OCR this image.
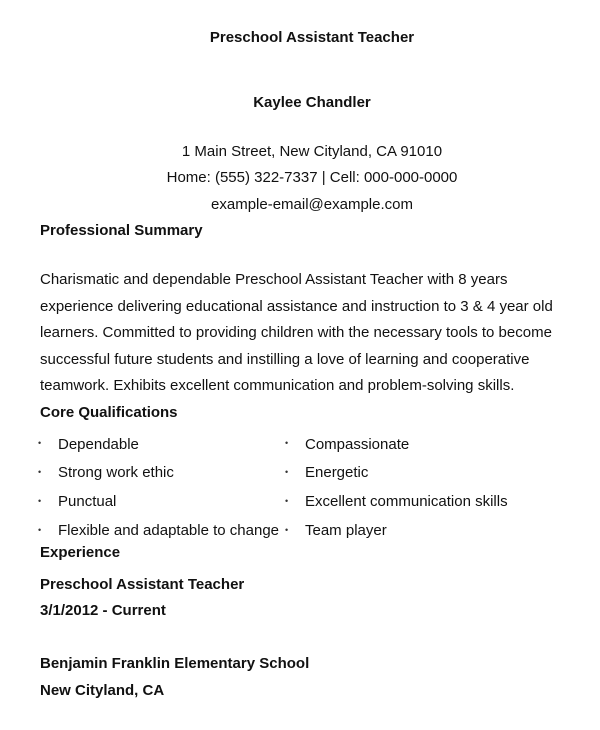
Preschool Assistant Teacher
Kaylee Chandler
1 Main Street, New Cityland, CA 91010
Home: (555) 322-7337 | Cell: 000-000-0000
example-email@example.com
Professional Summary
Charismatic and dependable Preschool Assistant Teacher with 8 years
experience delivering educational assistance and instruction to 3 & 4 year old
learners. Committed to providing children with the necessary tools to become
successful future students and instilling a love of learning and cooperative
teamwork. Exhibits excellent communication and problem-solving skills.
Core Qualifications
• Dependable
• Strong work ethic
• Punctual
• Flexible and adaptable to change
• Compassionate
• Energetic
• Excellent communication skills
• Team player
Experience
Preschool Assistant Teacher
3/1/2012 - Current
Benjamin Franklin Elementary School
New Cityland, CA
